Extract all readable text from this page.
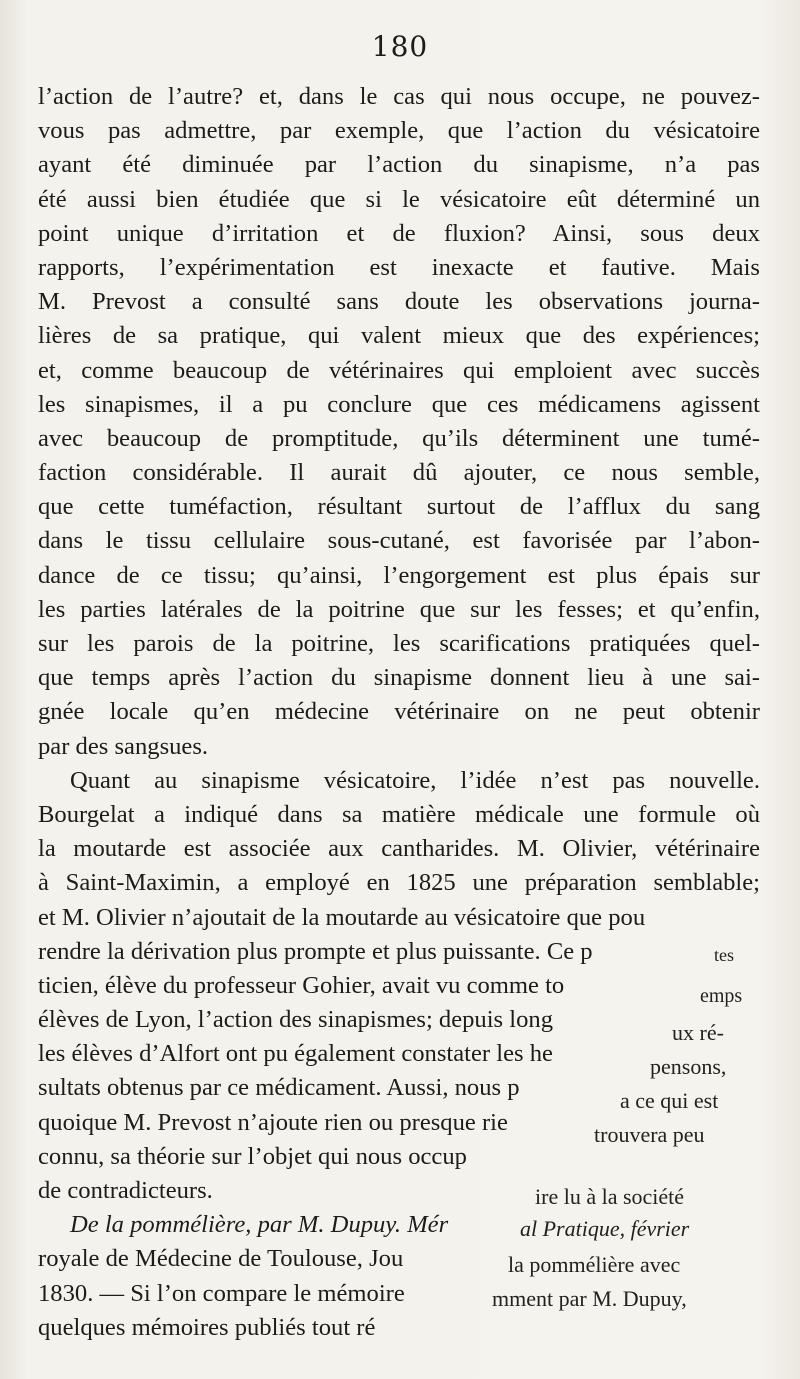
180
l’action de l’autre? et, dans le cas qui nous occupe, ne pouvez-
vous pas admettre, par exemple, que l’action du vésicatoire
ayant été diminuée par l’action du sinapisme, n’a pas
été aussi bien étudiée que si le vésicatoire eût déterminé un
point unique d’irritation et de fluxion? Ainsi, sous deux
rapports, l’expérimentation est inexacte et fautive. Mais
M. Prevost a consulté sans doute les observations journa-
lières de sa pratique, qui valent mieux que des expériences;
et, comme beaucoup de vétérinaires qui emploient avec succès
les sinapismes, il a pu conclure que ces médicamens agissent
avec beaucoup de promptitude, qu’ils déterminent une tumé-
faction considérable. Il aurait dû ajouter, ce nous semble,
que cette tuméfaction, résultant surtout de l’afflux du sang
dans le tissu cellulaire sous-cutané, est favorisée par l’abon-
dance de ce tissu; qu’ainsi, l’engorgement est plus épais sur
les parties latérales de la poitrine que sur les fesses; et qu’enfin,
sur les parois de la poitrine, les scarifications pratiquées quel-
que temps après l’action du sinapisme donnent lieu à une sai-
gnée locale qu’en médecine vétérinaire on ne peut obtenir
par des sangsues.
Quant au sinapisme vésicatoire, l’idée n’est pas nouvelle.
Bourgelat a indiqué dans sa matière médicale une formule où
la moutarde est associée aux cantharides. M. Olivier, vétérinaire
à Saint-Maximin, a employé en 1825 une préparation semblable;
et M. Olivier n’ajoutait de la moutarde au vésicatoire que pou
rendre la dérivation plus prompte et plus puissante. Ce p
ticien, élève du professeur Gohier, avait vu comme to
élèves de Lyon, l’action des sinapismes; depuis long
les élèves d’Alfort ont pu également constater les he
sultats obtenus par ce médicament. Aussi, nous p
quoique M. Prevost n’ajoute rien ou presque rie
connu, sa théorie sur l’objet qui nous occup
de contradicteurs.
De la pommélière, par M. Dupuy. Mér
royale de Médecine de Toulouse, Jou
1830. — Si l’on compare le mémoire
quelques mémoires publiés tout ré
tes
emps
ux ré-
pensons,
a ce qui est
trouvera peu
ire lu à la société
al Pratique, février
la pommélière avec
mment par M. Dupuy,
